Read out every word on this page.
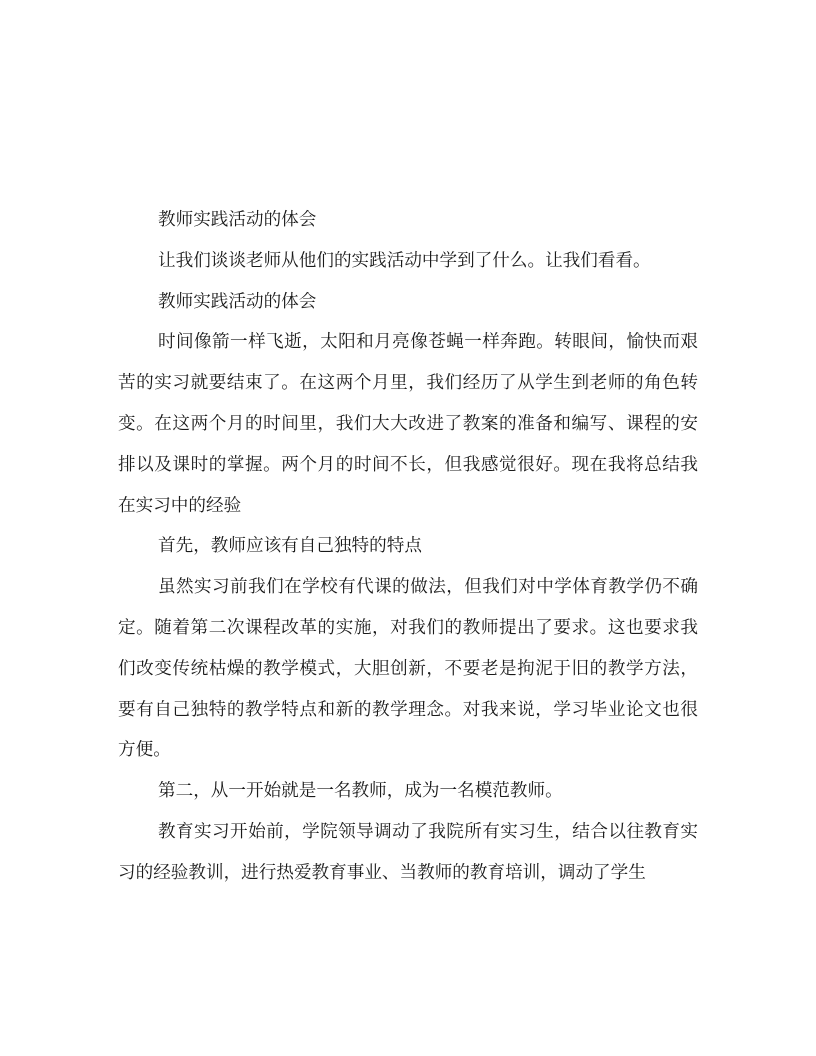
教师实践活动的体会

让我们谈谈老师从他们的实践活动中学到了什么。让我们看看。

教师实践活动的体会

时间像箭一样飞逝，太阳和月亮像苍蝇一样奔跑。转眼间，愉快而艰苦的实习就要结束了。在这两个月里，我们经历了从学生到老师的角色转变。在这两个月的时间里，我们大大改进了教案的准备和编写、课程的安排以及课时的掌握。两个月的时间不长，但我感觉很好。现在我将总结我在实习中的经验

首先，教师应该有自己独特的特点

虽然实习前我们在学校有代课的做法，但我们对中学体育教学仍不确定。随着第二次课程改革的实施，对我们的教师提出了要求。这也要求我们改变传统枯燥的教学模式，大胆创新，不要老是拘泥于旧的教学方法，要有自己独特的教学特点和新的教学理念。对我来说，学习毕业论文也很方便。

第二，从一开始就是一名教师，成为一名模范教师。

教育实习开始前，学院领导调动了我院所有实习生，结合以往教育实习的经验教训，进行热爱教育事业、当教师的教育培训，调动了学生
